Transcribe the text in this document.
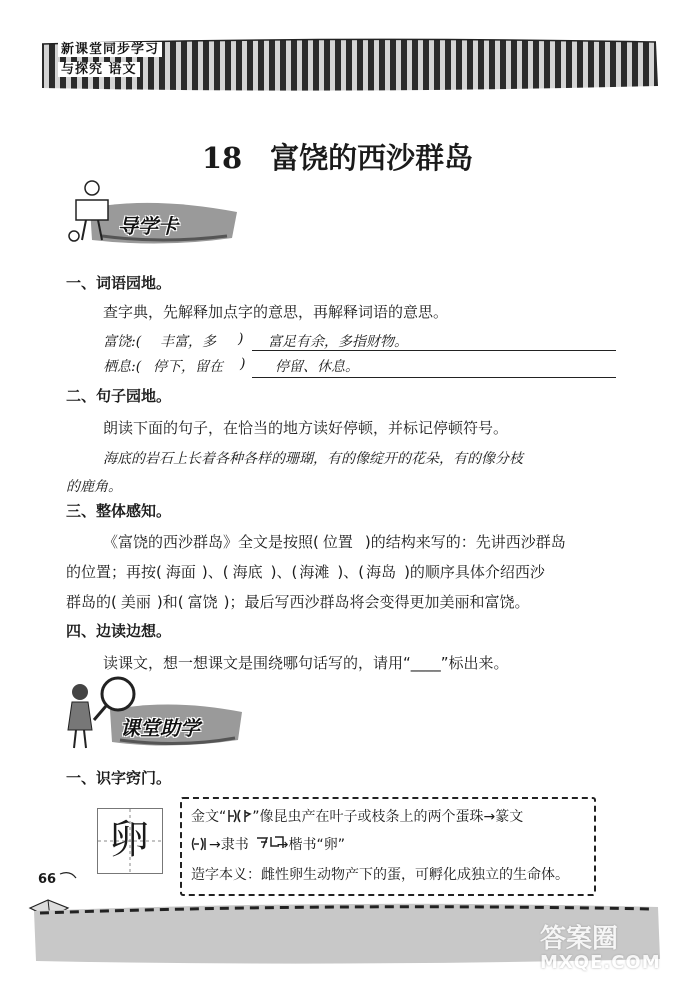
新课堂同步学习
与探究 语文
18 富饶的西沙群岛
导学卡
一、词语园地。
查字典，先解释加点字的意思，再解释词语的意思。
富饶:( 丰富，多 ) 富足有余，多指财物。
栖息:( 停下，留在 ) 停留、休息。
二、句子园地。
朗读下面的句子，在恰当的地方读好停顿，并标记停顿符号。
海底的岩石上长着各种各样的珊瑚，有的像绽开的花朵，有的像分枝
的鹿角。
三、整体感知。
《富饶的西沙群岛》全文是按照( 位置 )的结构来写的：先讲西沙群岛
的位置；再按( 海面 )、( 海底 )、( 海滩 )、( 海岛 )的顺序具体介绍西沙
群岛的( 美丽 )和( 富饶 )；最后写西沙群岛将会变得更加美丽和富饶。
四、边读边想。
读课文，想一想课文是围绕哪句话写的，请用“____”标出来。
课堂助学
一、识字窍门。
卵	金文“ ”像昆虫产在叶子或枝条上的两个蛋珠→篆文
→隶书　　→楷书“卵”
造字本义：雌性卵生动物产下的蛋，可孵化成独立的生命体。
66
答案圈
MXQE.COM
